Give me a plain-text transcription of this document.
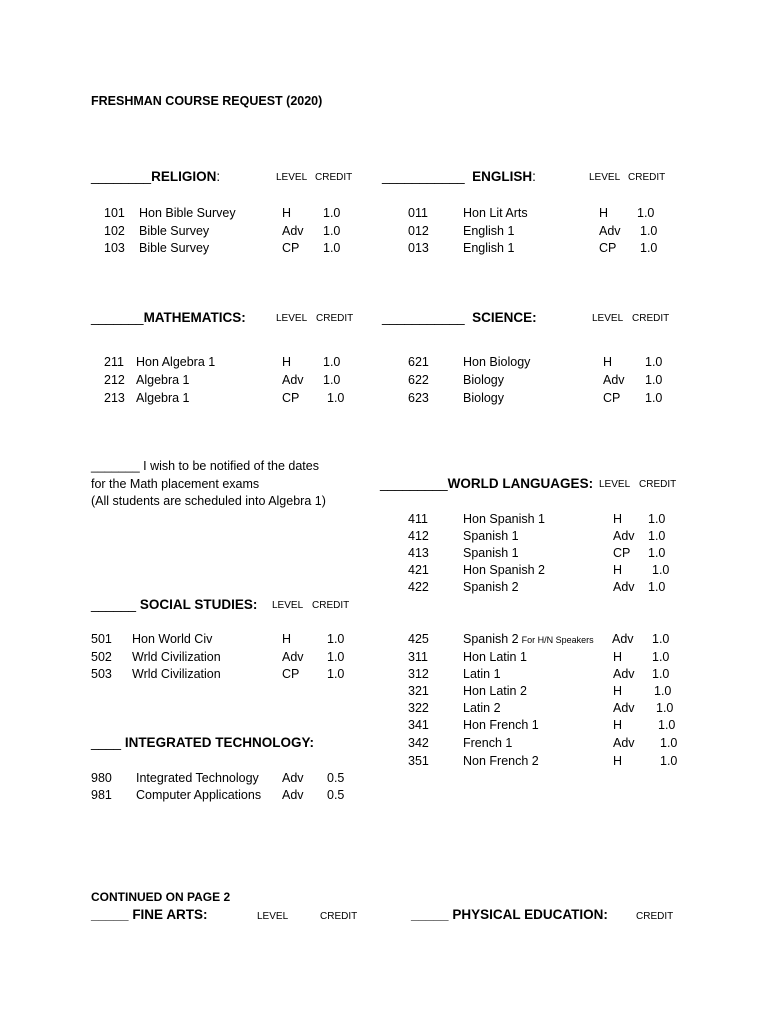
FRESHMAN COURSE REQUEST (2020)
________RELIGION:	LEVEL CREDIT
101 Hon Bible Survey	H	1.0
102 Bible Survey	Adv 1.0
103 Bible Survey	CP 1.0
___________ ENGLISH:	LEVEL CREDIT
011	Hon Lit Arts	H 1.0
012	English 1	Adv 1.0
013	English 1	CP 1.0
_______MATHEMATICS:	LEVEL CREDIT
211 Hon Algebra 1	H	1.0
212 Algebra 1	Adv 1.0
213 Algebra 1	CP 1.0
___________ SCIENCE:	LEVEL CREDIT
621	Hon Biology	H	1.0
622	Biology	Adv 1.0
623	Biology	CP 1.0
_______ I wish to be notified of the dates
for the Math placement exams
(All students are scheduled into Algebra 1)
_________WORLD LANGUAGES: LEVEL CREDIT
411	Hon Spanish 1	H 1.0
412	Spanish 1	Adv 1.0
413	Spanish 1	CP 1.0
421	Hon Spanish 2	H 1.0
422	Spanish 2	Adv 1.0
425	Spanish 2 For H/N Speakers Adv 1.0
311	Hon Latin 1	H 1.0
312	Latin 1	Adv 1.0
321	Hon Latin 2	H	1.0
322	Latin 2	Adv 1.0
341	Hon French 1	H	1.0
342	French 1	Adv 1.0
351	Non French 2	H	1.0
______ SOCIAL STUDIES: LEVEL CREDIT
501 Hon World Civ	H	1.0
502 Wrld Civilization	Adv 1.0
503 Wrld Civilization	CP 1.0
____ INTEGRATED TECHNOLOGY:
980 Integrated Technology Adv 0.5
981 Computer Applications Adv 0.5
CONTINUED ON PAGE 2
_____ FINE ARTS:	LEVEL	CREDIT	_____ PHYSICAL EDUCATION:	CREDIT
